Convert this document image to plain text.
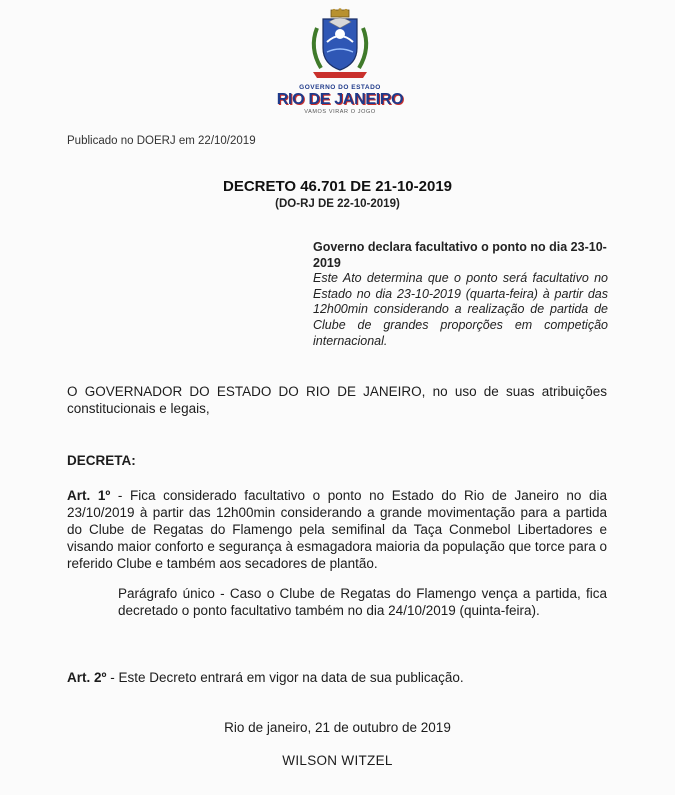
GOVERNO DO ESTADO
RIO DE JANEIRO
VAMOS VIRAR O JOGO
Publicado no DOERJ em 22/10/2019
DECRETO 46.701 DE 21-10-2019
(DO-RJ DE 22-10-2019)
Governo declara facultativo o ponto no dia 23-10-2019
Este Ato determina que o ponto será facultativo no Estado no dia 23-10-2019 (quarta-feira) à partir das 12h00min considerando a realização de partida de Clube de grandes proporções em competição internacional.
O GOVERNADOR DO ESTADO DO RIO DE JANEIRO, no uso de suas atribuições constitucionais e legais,
DECRETA:
Art. 1º - Fica considerado facultativo o ponto no Estado do Rio de Janeiro no dia 23/10/2019 à partir das 12h00min considerando a grande movimentação para a partida do Clube de Regatas do Flamengo pela semifinal da Taça Conmebol Libertadores e visando maior conforto e segurança à esmagadora maioria da população que torce para o referido Clube e também aos secadores de plantão.
Parágrafo único - Caso o Clube de Regatas do Flamengo vença a partida, fica decretado o ponto facultativo também no dia 24/10/2019 (quinta-feira).
Art. 2º - Este Decreto entrará em vigor na data de sua publicação.
Rio de janeiro, 21 de outubro de 2019
WILSON WITZEL
